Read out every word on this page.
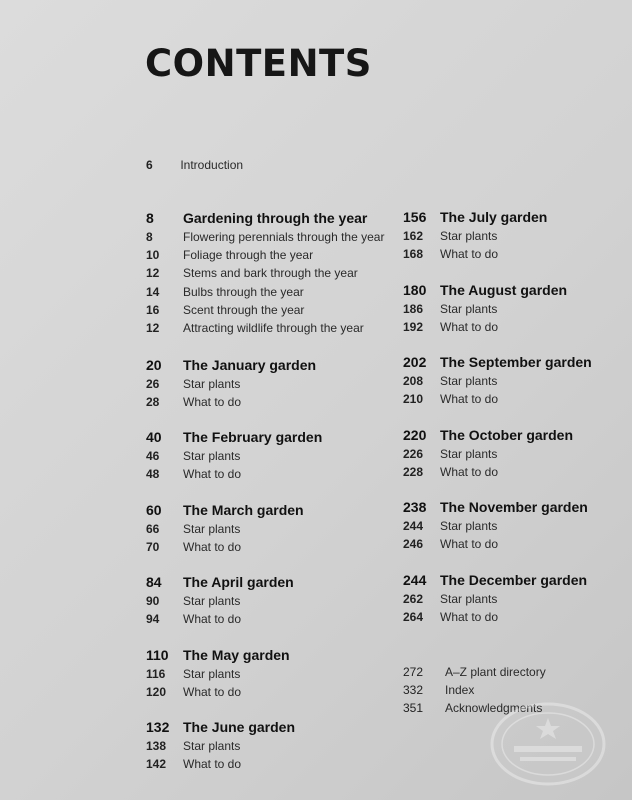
CONTENTS
6 Introduction
8	Gardening through the year
8	Flowering perennials through the year
10	Foliage through the year
12	Stems and bark through the year
14	Bulbs through the year
16	Scent through the year
12	Attracting wildlife through the year
20	The January garden
26	Star plants
28	What to do
40	The February garden
46	Star plants
48	What to do
60	The March garden
66	Star plants
70	What to do
84	The April garden
90	Star plants
94	What to do
110	The May garden
116	Star plants
120	What to do
132 The June garden
138	Star plants
142	What to do
156 The July garden
162	Star plants
168	What to do
180 The August garden
186	Star plants
192	What to do
202 The September garden
208	Star plants
210	What to do
220 The October garden
226	Star plants
228	What to do
238 The November garden
244	Star plants
246	What to do
244 The December garden
262	Star plants
264	What to do
272	A–Z plant directory
332	Index
351	Acknowledgments
